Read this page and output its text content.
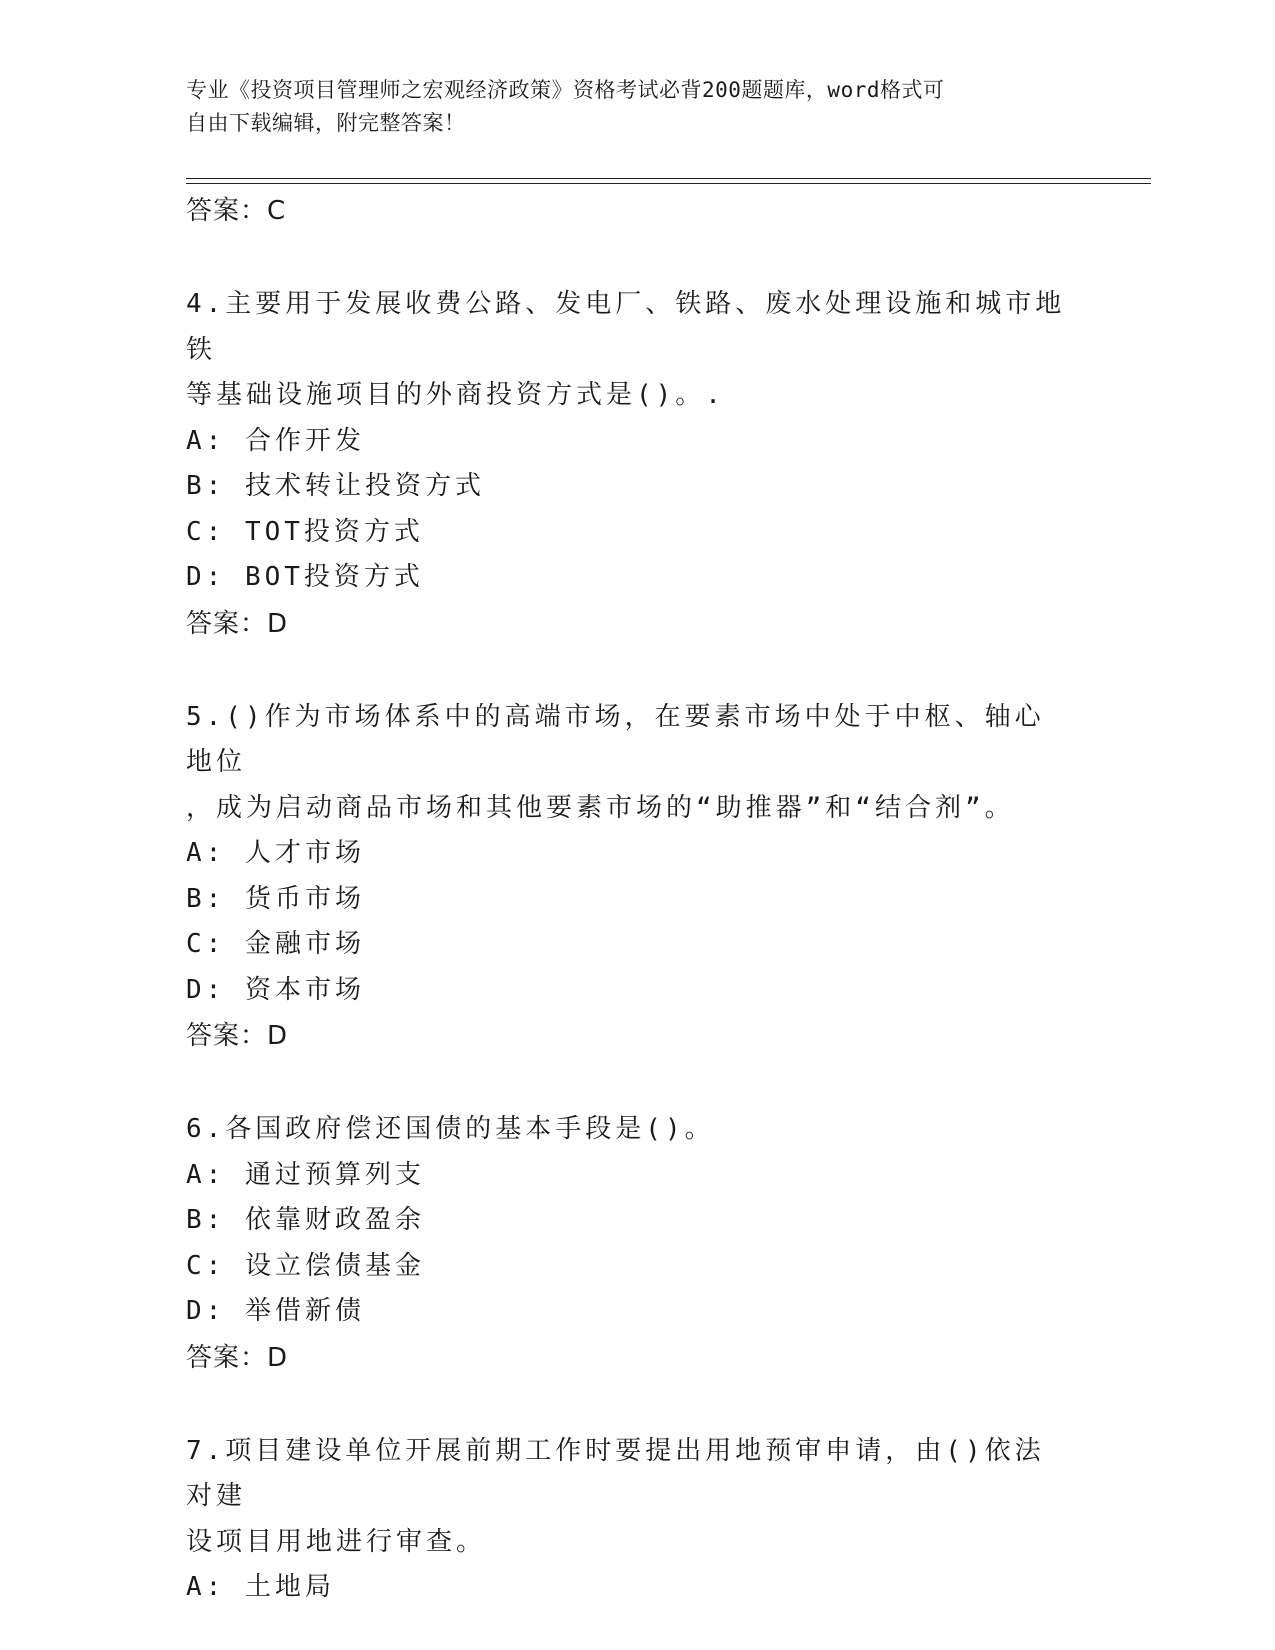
专业《投资项目管理师之宏观经济政策》资格考试必背200题题库，word格式可
自由下载编辑，附完整答案！
答案：C
4.主要用于发展收费公路、发电厂、铁路、废水处理设施和城市地铁
等基础设施项目的外商投资方式是()。.
A: 合作开发
B: 技术转让投资方式
C: TOT投资方式
D: BOT投资方式
答案：D
5.()作为市场体系中的高端市场，在要素市场中处于中枢、轴心地位
，成为启动商品市场和其他要素市场的“助推器”和“结合剂”。
A: 人才市场
B: 货币市场
C: 金融市场
D: 资本市场
答案：D
6.各国政府偿还国债的基本手段是()。
A: 通过预算列支
B: 依靠财政盈余
C: 设立偿债基金
D: 举借新债
答案：D
7.项目建设单位开展前期工作时要提出用地预审申请，由()依法对建
设项目用地进行审查。
A: 土地局
